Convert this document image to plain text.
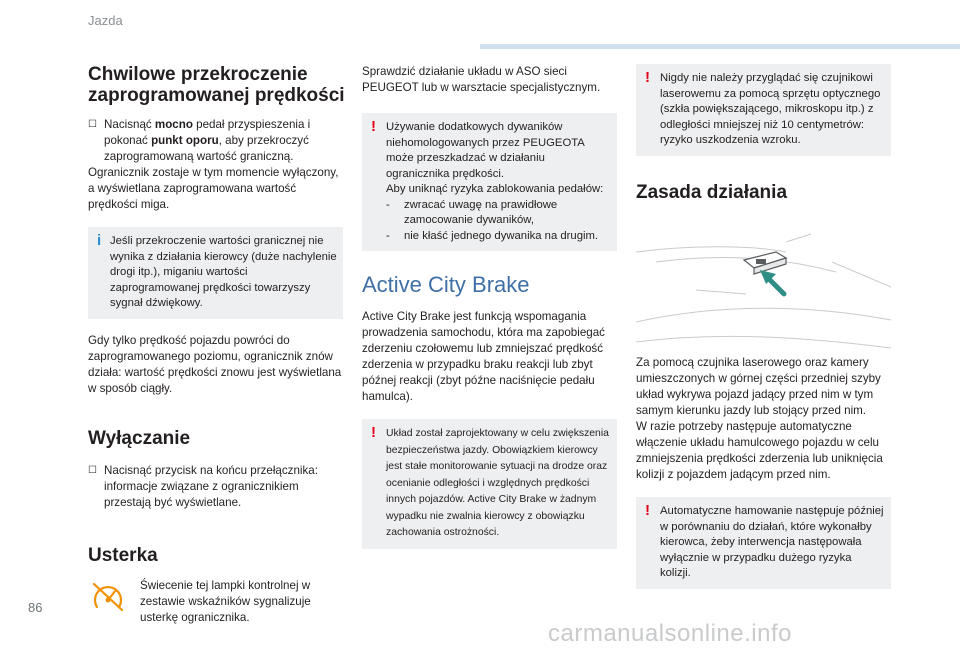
Jazda
Chwilowe przekroczenie zaprogramowanej prędkości
☐ Nacisnąć mocno pedał przyspieszenia i pokonać punkt oporu, aby przekroczyć zaprogramowaną wartość graniczną.
Ogranicznik zostaje w tym momencie wyłączony, a wyświetlana zaprogramowana wartość prędkości miga.
i Jeśli przekroczenie wartości granicznej nie wynika z działania kierowcy (duże nachylenie drogi itp.), miganiu wartości zaprogramowanej prędkości towarzyszy sygnał dźwiękowy.
Gdy tylko prędkość pojazdu powróci do zaprogramowanego poziomu, ogranicznik znów działa: wartość prędkości znowu jest wyświetlana w sposób ciągły.
Wyłączanie
☐ Nacisnąć przycisk na końcu przełącznika: informacje związane z ogranicznikiem przestają być wyświetlane.
Usterka
Świecenie tej lampki kontrolnej w zestawie wskaźników sygnalizuje usterkę ogranicznika.
Sprawdzić działanie układu w ASO sieci PEUGEOT lub w warsztacie specjalistycznym.
! Używanie dodatkowych dywaników niehomologowanych przez PEUGEOTA może przeszkadzać w działaniu ogranicznika prędkości.
Aby uniknąć ryzyka zablokowania pedałów:
-	zwracać uwagę na prawidłowe zamocowanie dywaników,
-	nie kłaść jednego dywanika na drugim.
Active City Brake
Active City Brake jest funkcją wspomagania prowadzenia samochodu, która ma zapobiegać zderzeniu czołowemu lub zmniejszać prędkość zderzenia w przypadku braku reakcji lub zbyt późnej reakcji (zbyt późne naciśnięcie pedału hamulca).
! Układ został zaprojektowany w celu zwiększenia bezpieczeństwa jazdy. Obowiązkiem kierowcy jest stałe monitorowanie sytuacji na drodze oraz ocenianie odległości i względnych prędkości innych pojazdów. Active City Brake w żadnym wypadku nie zwalnia kierowcy z obowiązku zachowania ostrożności.
! Nigdy nie należy przyglądać się czujnikowi laserowemu za pomocą sprzętu optycznego (szkła powiększającego, mikroskopu itp.) z odległości mniejszej niż 10 centymetrów: ryzyko uszkodzenia wzroku.
Zasada działania
Za pomocą czujnika laserowego oraz kamery umieszczonych w górnej części przedniej szyby układ wykrywa pojazd jadący przed nim w tym samym kierunku jazdy lub stojący przed nim.
W razie potrzeby następuje automatyczne włączenie układu hamulcowego pojazdu w celu zmniejszenia prędkości zderzenia lub uniknięcia kolizji z pojazdem jadącym przed nim.
! Automatyczne hamowanie następuje później w porównaniu do działań, które wykonałby kierowca, żeby interwencja następowała wyłącznie w przypadku dużego ryzyka kolizji.
86
carmanualsonline.info
